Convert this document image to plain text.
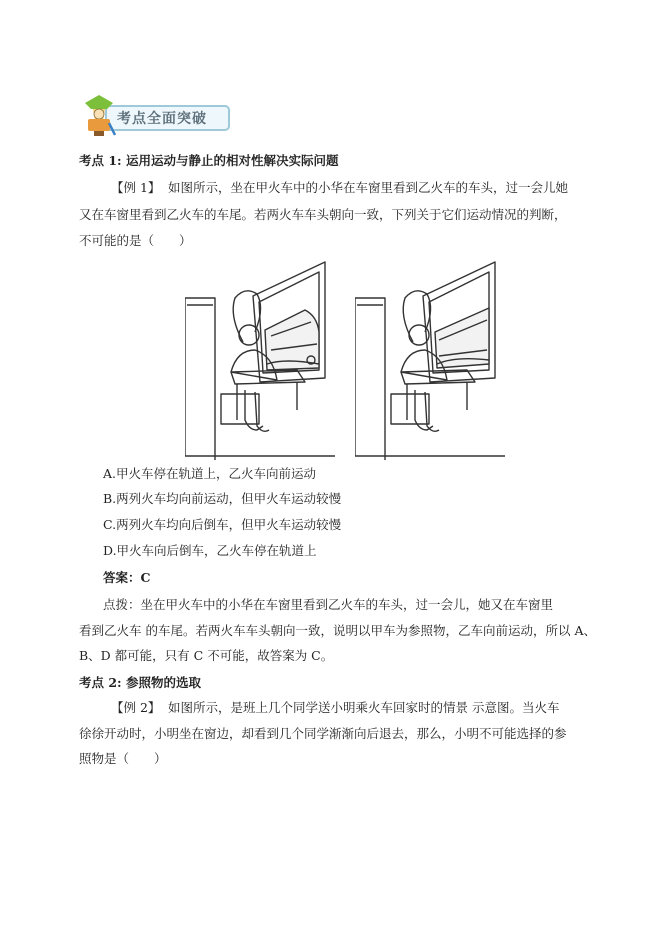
考点全面突破
考点 1: 运用运动与静止的相对性解决实际问题
【例 1】 如图所示，坐在甲火车中的小华在车窗里看到乙火车的车头，过一会儿她
又在车窗里看到乙火车的车尾。若两火车车头朝向一致，下列关于它们运动情况的判断，
不可能的是（　　）
A.甲火车停在轨道上，乙火车向前运动
B.两列火车均向前运动，但甲火车运动较慢
C.两列火车均向后倒车，但甲火车运动较慢
D.甲火车向后倒车，乙火车停在轨道上
答案：C
点拨：坐在甲火车中的小华在车窗里看到乙火车的车头，过一会儿，她又在车窗里
看到乙火车 的车尾。若两火车车头朝向一致，说明以甲车为参照物，乙车向前运动，所以 A、
B、D 都可能，只有 C 不可能，故答案为 C。
考点 2: 参照物的选取
【例 2】 如图所示，是班上几个同学送小明乘火车回家时的情景 示意图。当火车
徐徐开动时，小明坐在窗边，却看到几个同学渐渐向后退去，那么，小明不可能选择的参
照物是（　　）
